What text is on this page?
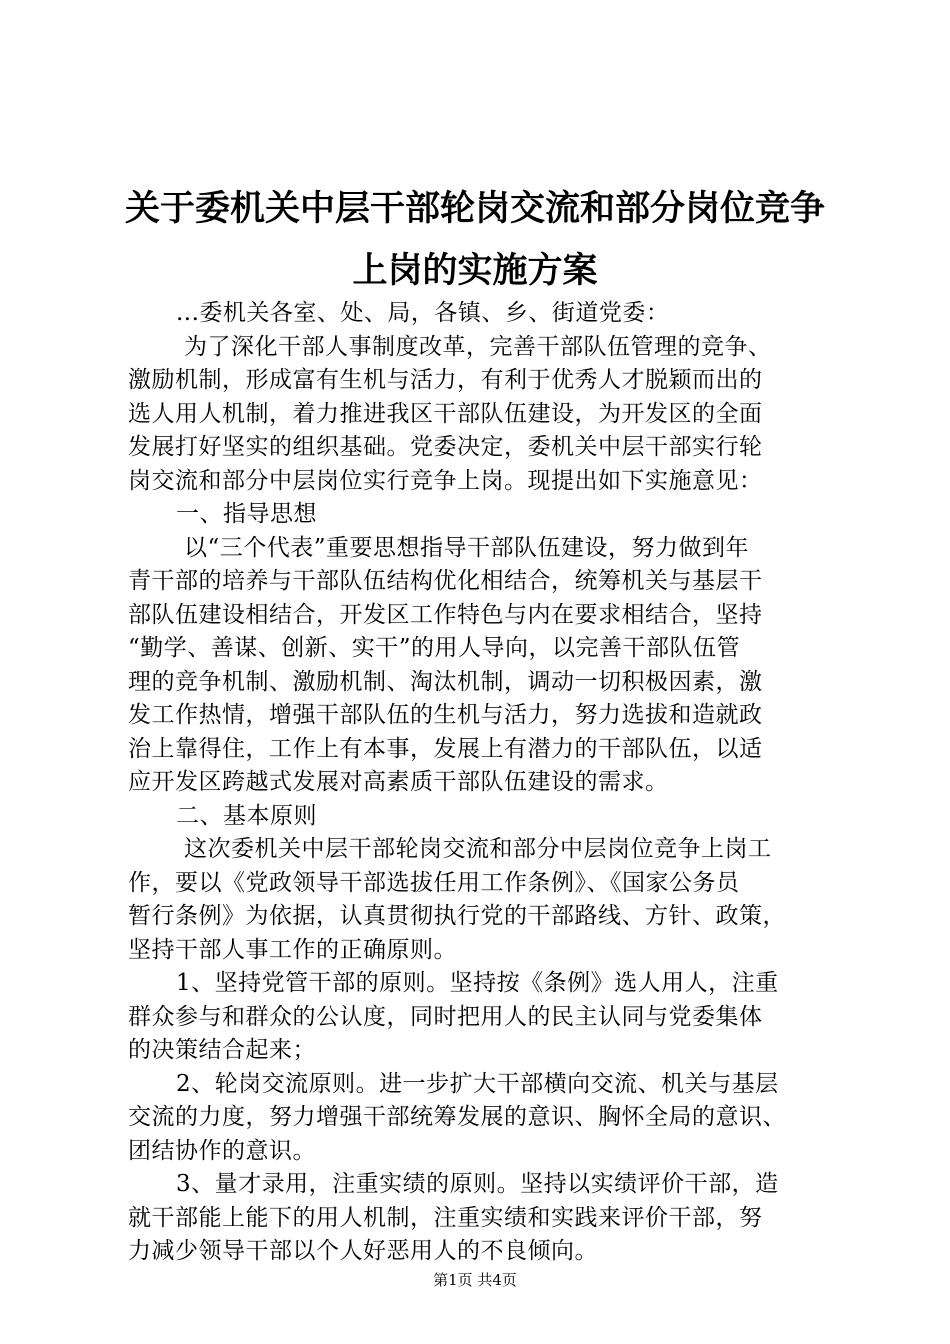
关于委机关中层干部轮岗交流和部分岗位竞争
上岗的实施方案
...委机关各室、处、局，各镇、乡、街道党委：
为了深化干部人事制度改革，完善干部队伍管理的竞争、
激励机制，形成富有生机与活力，有利于优秀人才脱颖而出的
选人用人机制，着力推进我区干部队伍建设，为开发区的全面
发展打好坚实的组织基础。党委决定，委机关中层干部实行轮
岗交流和部分中层岗位实行竞争上岗。现提出如下实施意见：
一、指导思想
以“三个代表”重要思想指导干部队伍建设，努力做到年
青干部的培养与干部队伍结构优化相结合，统筹机关与基层干
部队伍建设相结合，开发区工作特色与内在要求相结合，坚持
“勤学、善谋、创新、实干”的用人导向，以完善干部队伍管
理的竞争机制、激励机制、淘汰机制，调动一切积极因素，激
发工作热情，增强干部队伍的生机与活力，努力选拔和造就政
治上靠得住，工作上有本事，发展上有潜力的干部队伍，以适
应开发区跨越式发展对高素质干部队伍建设的需求。
二、基本原则
这次委机关中层干部轮岗交流和部分中层岗位竞争上岗工
作，要以《党政领导干部选拔任用工作条例》、《国家公务员
暂行条例》为依据，认真贯彻执行党的干部路线、方针、政策，
坚持干部人事工作的正确原则。
1、坚持党管干部的原则。坚持按《条例》选人用人，注重
群众参与和群众的公认度，同时把用人的民主认同与党委集体
的决策结合起来；
2、轮岗交流原则。进一步扩大干部横向交流、机关与基层
交流的力度，努力增强干部统筹发展的意识、胸怀全局的意识、
团结协作的意识。
3、量才录用，注重实绩的原则。坚持以实绩评价干部，造
就干部能上能下的用人机制，注重实绩和实践来评价干部，努
力减少领导干部以个人好恶用人的不良倾向。
第1页 共4页
